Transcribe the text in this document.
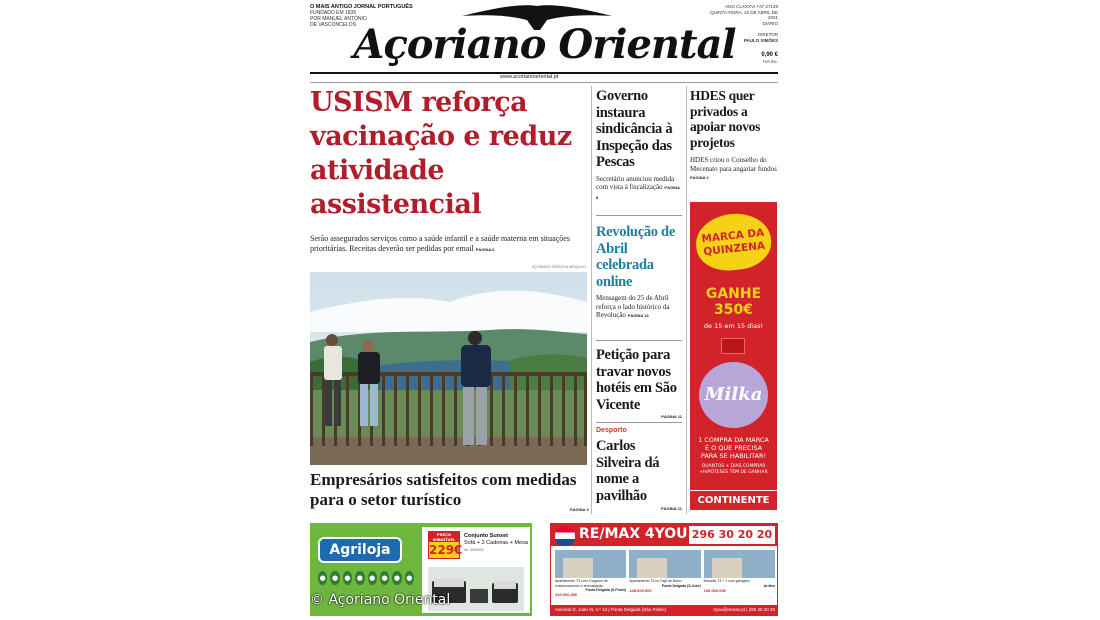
O MAIS ANTIGO JORNAL PORTUGUÊS
FUNDADO EM 1835
POR MANUEL ANTÓNIO
DE VASCONCELOS
Açoriano Oriental
ANO CLXXXVI • Nº 27149
QUINTA-FEIRA, 22 DE ABRIL DE 2021
DIÁRIO
DIRETOR
PAULO SIMÕES
0,90 €
IVA inc.
www.acorianooriental.pt
USISM reforça vacinação e reduz atividade assistencial
Serão assegurados serviços como a saúde infantil e a saúde materna em situações prioritárias. Receitas deverão ser pedidas por email PÁGINA 6
AÇORIANO ORIENTAL/ARQUIVO
Empresários satisfeitos com medidas para o setor turístico
PÁGINA 3
Governo instaura sindicância à Inspeção das Pescas
Secretário anunciou medida com vista à fiscalização PÁGINA 8
Revolução de Abril celebrada online
Mensagem do 25 de Abril reforça o lado histórico da Revolução PÁGINA 13
Petição para travar novos hotéis em São Vicente
PÁGINA 11
Desporto
Carlos Silveira dá nome a pavilhão
PÁGINA 21
HDES quer privados a apoiar novos projetos
HDES criou o Conselho do Mecenato para angariar fundos PÁGINA 2
MARCA DA
QUINZENA
GANHE
350€
de 15 em 15 dias!
Milka
1 COMPRA DA MARCA
É O QUE PRECISA
PARA SE HABILITAR!
QUANTOS + DIAS COMPRAR +HIPÓTESES TEM DE GANHAR
CONTINENTE
Agriloja
● ● ● ● ● ● ● ●
PREÇO IMBATÍVEL
229€
Conjunto Sunset
Sofá + 2 Cadeiras + Mesa
ref. 4939032
RE/MAX 4YOU 296 30 20 20
Apartamento T3 com 2 lugares de estacionamento e arrecadação
Ponta Delgada (S.Pedro)
240.000,00€
Apartamento T3 no Fajã de Baixo
Ponta Delgada (S.José)
248.000,00€
Moradia T3 + 1 com garagem
Arrifes
196.000,00€
Avenida D. João III, n.º 43 | Ponta Delgada (São Pedro)	4you@remax.pt | 296 30 20 20
© Açoriano Oriental
